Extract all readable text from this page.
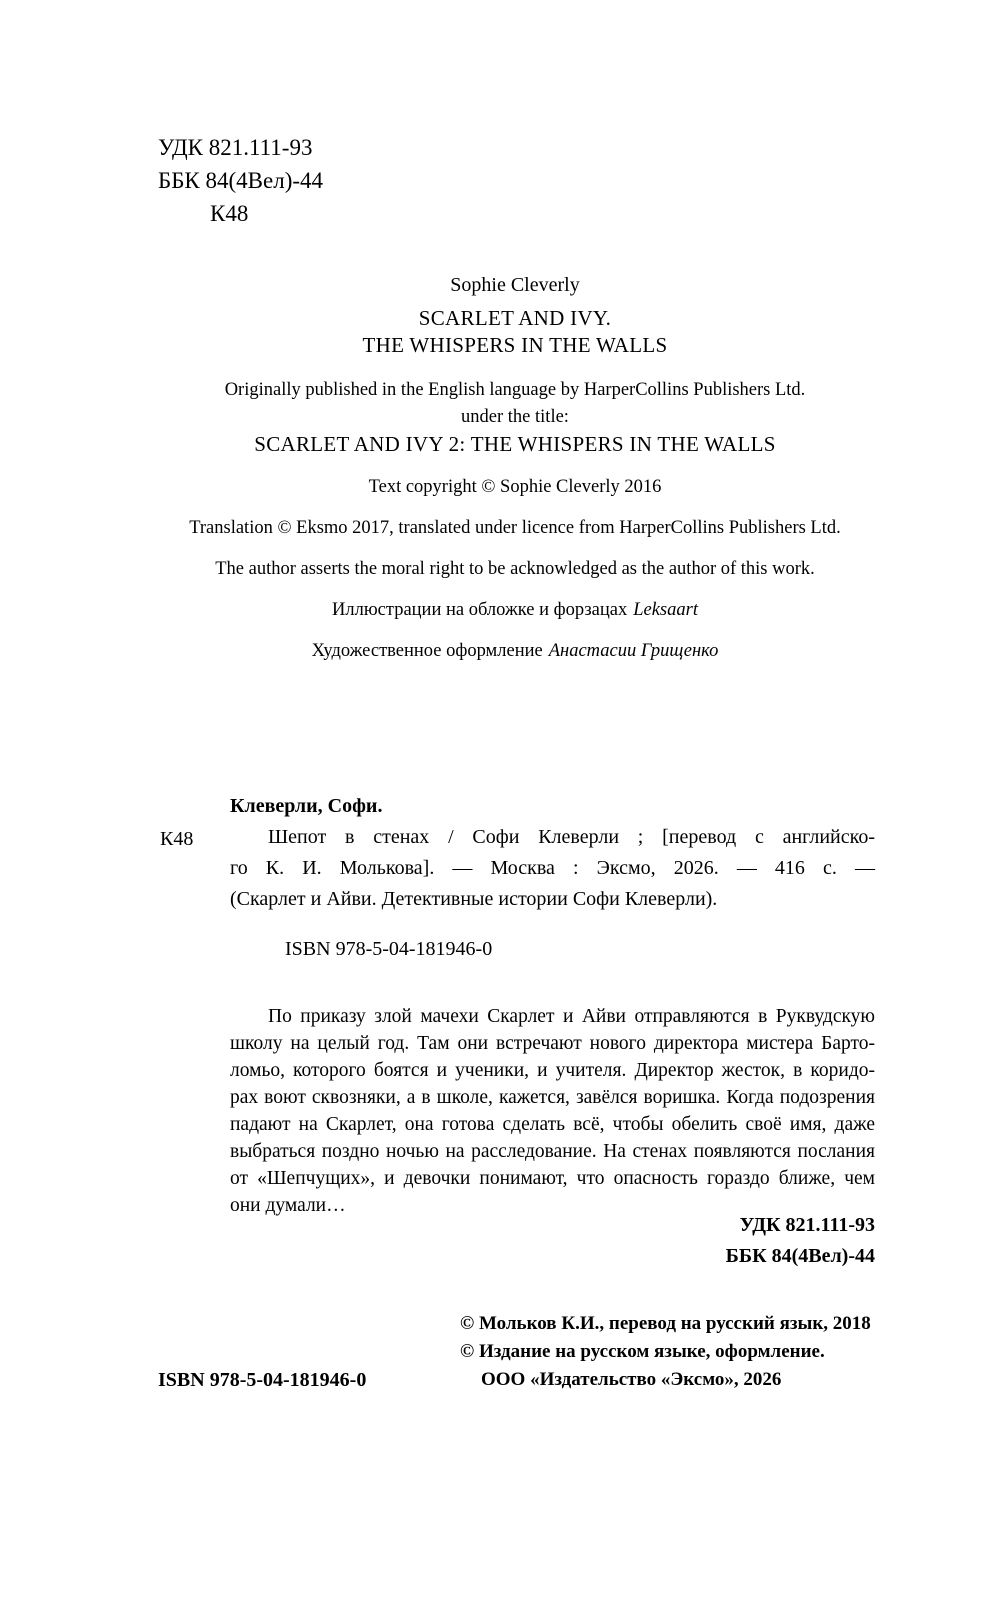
УДК 821.111-93
ББК 84(4Вел)-44
К48
Sophie Cleverly
SCARLET AND IVY.
THE WHISPERS IN THE WALLS
Originally published in the English language by HarperCollins Publishers Ltd.
under the title:
SCARLET AND IVY 2: THE WHISPERS IN THE WALLS
Text copyright © Sophie Cleverly 2016
Translation © Eksmo 2017, translated under licence from HarperCollins Publishers Ltd.
The author asserts the moral right to be acknowledged as the author of this work.
Иллюстрации на обложке и форзацах Leksaart
Художественное оформление Анастасии Грищенко
К48
Клеверли, Софи.
Шепот в стенах / Софи Клеверли ; [перевод с английско-
го К. И. Молькова]. — Москва : Эксмо, 2026. — 416 с. —
(Скарлет и Айви. Детективные истории Софи Клеверли).
ISBN 978-5-04-181946-0
По приказу злой мачехи Скарлет и Айви отправляются в Руквудскую
школу на целый год. Там они встречают нового директора мистера Барто-
ломьо, которого боятся и ученики, и учителя. Директор жесток, в коридо-
рах воют сквозняки, а в школе, кажется, завёлся воришка. Когда подозрения
падают на Скарлет, она готова сделать всё, чтобы обелить своё имя, даже
выбраться поздно ночью на расследование. На стенах появляются послания
от «Шепчущих», и девочки понимают, что опасность гораздо ближе, чем
они думали…
УДК 821.111-93
ББК 84(4Вел)-44
© Мольков К.И., перевод на русский язык, 2018
© Издание на русском языке, оформление.
ООО «Издательство «Эксмо», 2026
ISBN 978-5-04-181946-0
